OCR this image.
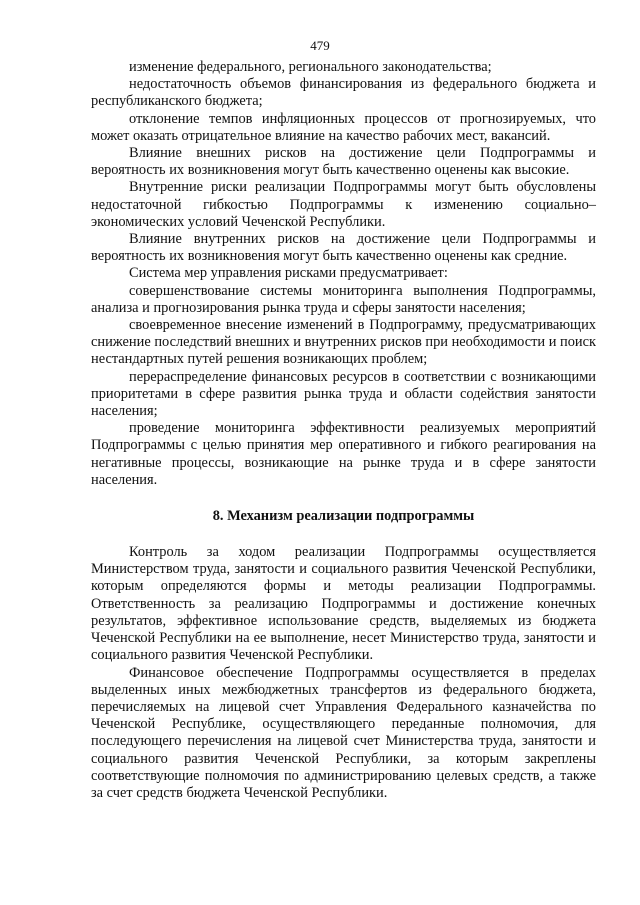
479

изменение федерального, регионального законодательства;

недостаточность объемов финансирования из федерального бюджета и республиканского бюджета;

отклонение темпов инфляционных процессов от прогнозируемых, что может оказать отрицательное влияние на качество рабочих мест, вакансий.

Влияние внешних рисков на достижение цели Подпрограммы и вероятность их возникновения могут быть качественно оценены как высокие.

Внутренние риски реализации Подпрограммы могут быть обусловлены недостаточной гибкостью Подпрограммы к изменению социально–экономических условий Чеченской Республики.

Влияние внутренних рисков на достижение цели Подпрограммы и вероятность их возникновения могут быть качественно оценены как средние.

Система мер управления рисками предусматривает:

совершенствование системы мониторинга выполнения Подпрограммы, анализа и прогнозирования рынка труда и сферы занятости населения;

своевременное внесение изменений в Подпрограмму, предусматривающих снижение последствий внешних и внутренних рисков при необходимости и поиск нестандартных путей решения возникающих проблем;

перераспределение финансовых ресурсов в соответствии с возникающими приоритетами в сфере развития рынка труда и области содействия занятости населения;

проведение мониторинга эффективности реализуемых мероприятий Подпрограммы с целью принятия мер оперативного и гибкого реагирования на негативные процессы, возникающие на рынке труда и в сфере занятости населения.

8. Механизм реализации подпрограммы

Контроль за ходом реализации Подпрограммы осуществляется Министерством труда, занятости и социального развития Чеченской Республики, которым определяются формы и методы реализации Подпрограммы. Ответственность за реализацию Подпрограммы и достижение конечных результатов, эффективное использование средств, выделяемых из бюджета Чеченской Республики на ее выполнение, несет Министерство труда, занятости и социального развития Чеченской Республики.

Финансовое обеспечение Подпрограммы осуществляется в пределах выделенных иных межбюджетных трансфертов из федерального бюджета, перечисляемых на лицевой счет Управления Федерального казначейства по Чеченской Республике, осуществляющего переданные полномочия, для последующего перечисления на лицевой счет Министерства труда, занятости и социального развития Чеченской Республики, за которым закреплены соответствующие полномочия по администрированию целевых средств, а также за счет средств бюджета Чеченской Республики.
